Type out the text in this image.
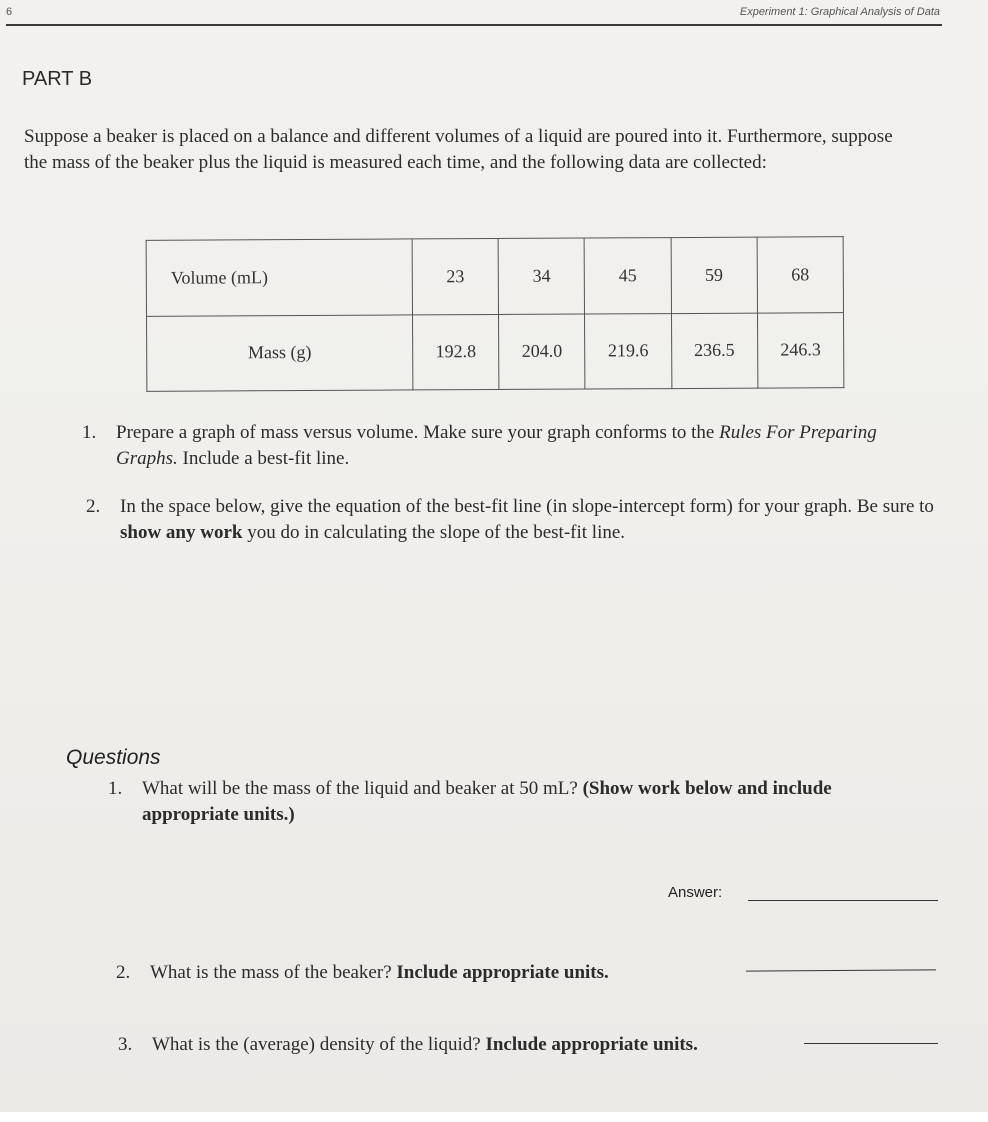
6	Experiment 1: Graphical Analysis of Data
PART B
Suppose a beaker is placed on a balance and different volumes of a liquid are poured into it. Furthermore, suppose the mass of the beaker plus the liquid is measured each time, and the following data are collected:
Volume (mL)	23	34	45	59	68
Mass (g)	192.8	204.0	219.6	236.5	246.3
1.	Prepare a graph of mass versus volume. Make sure your graph conforms to the Rules For Preparing Graphs. Include a best-fit line.
2.	In the space below, give the equation of the best-fit line (in slope-intercept form) for your graph. Be sure to show any work you do in calculating the slope of the best-fit line.
Questions
1.	What will be the mass of the liquid and beaker at 50 mL? (Show work below and include appropriate units.)
Answer:
2.	What is the mass of the beaker? Include appropriate units.
3.	What is the (average) density of the liquid? Include appropriate units.
